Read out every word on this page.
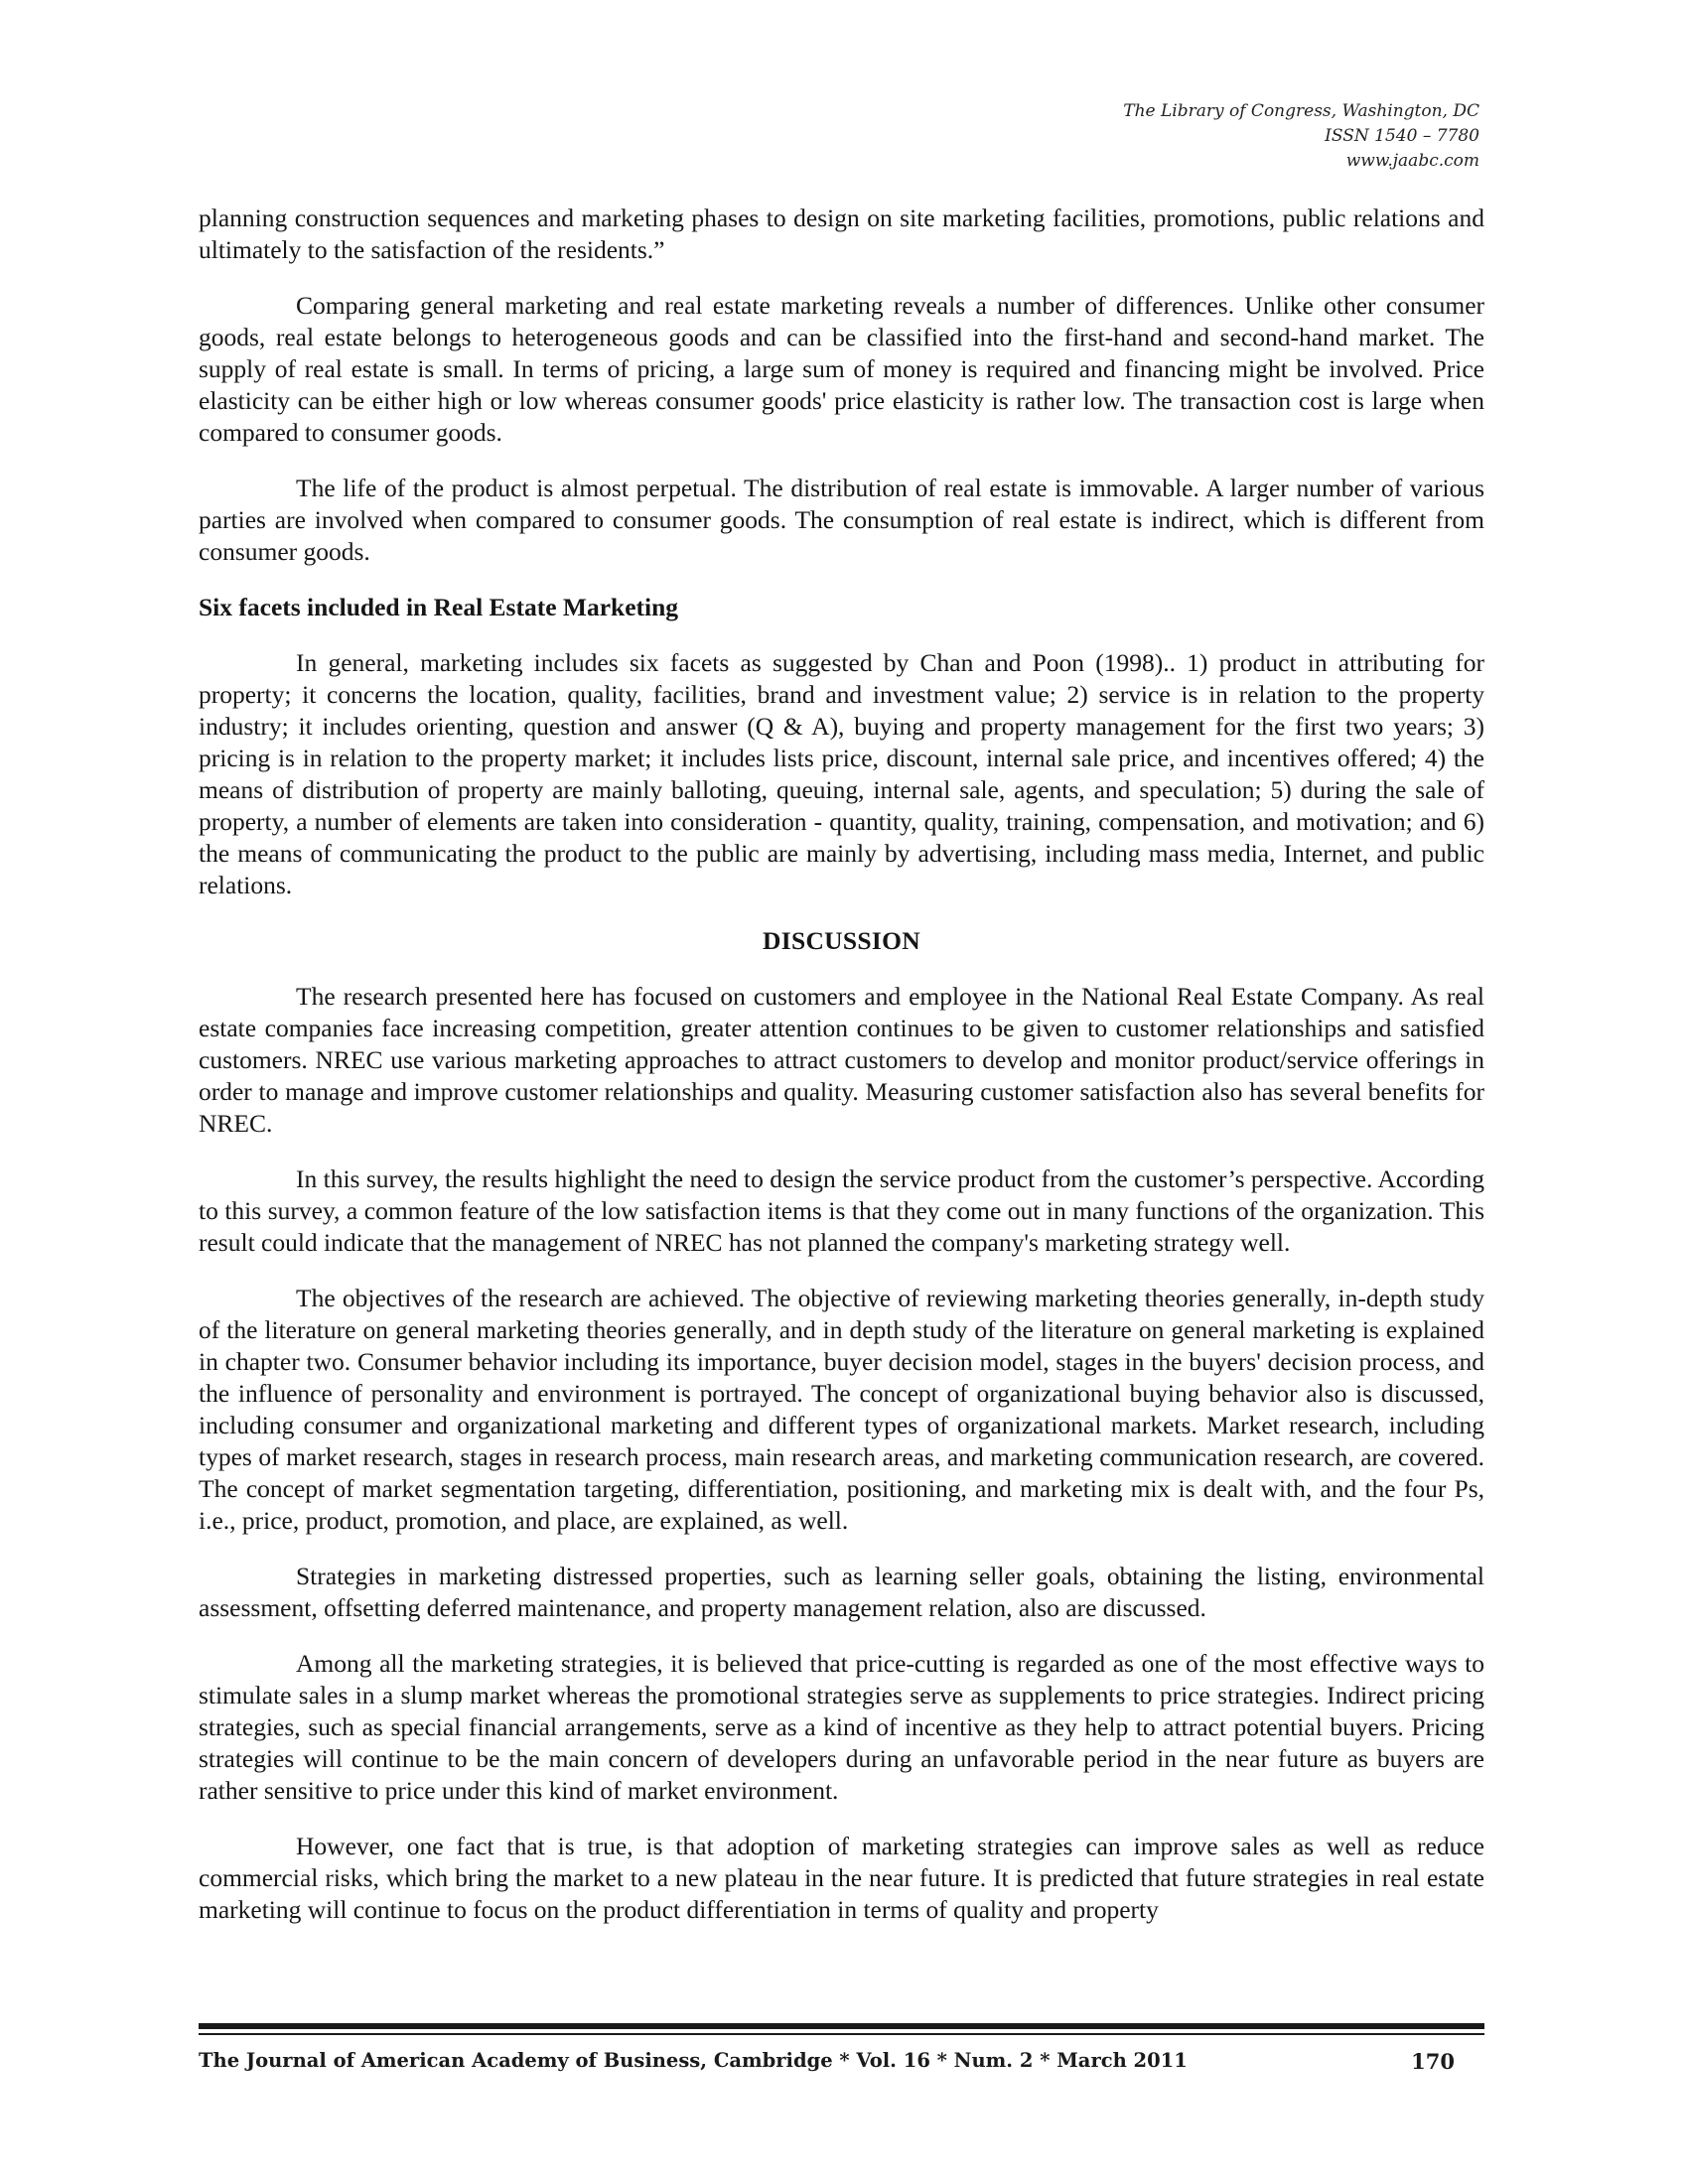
The Library of Congress, Washington, DC
ISSN 1540 – 7780
www.jaabc.com

planning construction sequences and marketing phases to design on site marketing facilities, promotions, public relations and ultimately to the satisfaction of the residents.”

Comparing general marketing and real estate marketing reveals a number of differences. Unlike other consumer goods, real estate belongs to heterogeneous goods and can be classified into the first-hand and second-hand market. The supply of real estate is small. In terms of pricing, a large sum of money is required and financing might be involved. Price elasticity can be either high or low whereas consumer goods' price elasticity is rather low. The transaction cost is large when compared to consumer goods.

The life of the product is almost perpetual. The distribution of real estate is immovable. A larger number of various parties are involved when compared to consumer goods. The consumption of real estate is indirect, which is different from consumer goods.

Six facets included in Real Estate Marketing

In general, marketing includes six facets as suggested by Chan and Poon (1998).. 1) product in attributing for property; it concerns the location, quality, facilities, brand and investment value; 2) service is in relation to the property industry; it includes orienting, question and answer (Q & A), buying and property management for the first two years; 3) pricing is in relation to the property market; it includes lists price, discount, internal sale price, and incentives offered; 4) the means of distribution of property are mainly balloting, queuing, internal sale, agents, and speculation; 5) during the sale of property, a number of elements are taken into consideration - quantity, quality, training, compensation, and motivation; and 6) the means of communicating the product to the public are mainly by advertising, including mass media, Internet, and public relations.

DISCUSSION

The research presented here has focused on customers and employee in the National Real Estate Company. As real estate companies face increasing competition, greater attention continues to be given to customer relationships and satisfied customers. NREC use various marketing approaches to attract customers to develop and monitor product/service offerings in order to manage and improve customer relationships and quality. Measuring customer satisfaction also has several benefits for NREC.

In this survey, the results highlight the need to design the service product from the customer’s perspective. According to this survey, a common feature of the low satisfaction items is that they come out in many functions of the organization. This result could indicate that the management of NREC has not planned the company's marketing strategy well.

The objectives of the research are achieved. The objective of reviewing marketing theories generally, in-depth study of the literature on general marketing theories generally, and in depth study of the literature on general marketing is explained in chapter two. Consumer behavior including its importance, buyer decision model, stages in the buyers' decision process, and the influence of personality and environment is portrayed. The concept of organizational buying behavior also is discussed, including consumer and organizational marketing and different types of organizational markets. Market research, including types of market research, stages in research process, main research areas, and marketing communication research, are covered. The concept of market segmentation targeting, differentiation, positioning, and marketing mix is dealt with, and the four Ps, i.e., price, product, promotion, and place, are explained, as well.

Strategies in marketing distressed properties, such as learning seller goals, obtaining the listing, environmental assessment, offsetting deferred maintenance, and property management relation, also are discussed.

Among all the marketing strategies, it is believed that price-cutting is regarded as one of the most effective ways to stimulate sales in a slump market whereas the promotional strategies serve as supplements to price strategies. Indirect pricing strategies, such as special financial arrangements, serve as a kind of incentive as they help to attract potential buyers. Pricing strategies will continue to be the main concern of developers during an unfavorable period in the near future as buyers are rather sensitive to price under this kind of market environment.

However, one fact that is true, is that adoption of marketing strategies can improve sales as well as reduce commercial risks, which bring the market to a new plateau in the near future. It is predicted that future strategies in real estate marketing will continue to focus on the product differentiation in terms of quality and property

The Journal of American Academy of Business, Cambridge * Vol. 16 * Num. 2 * March 2011	170
